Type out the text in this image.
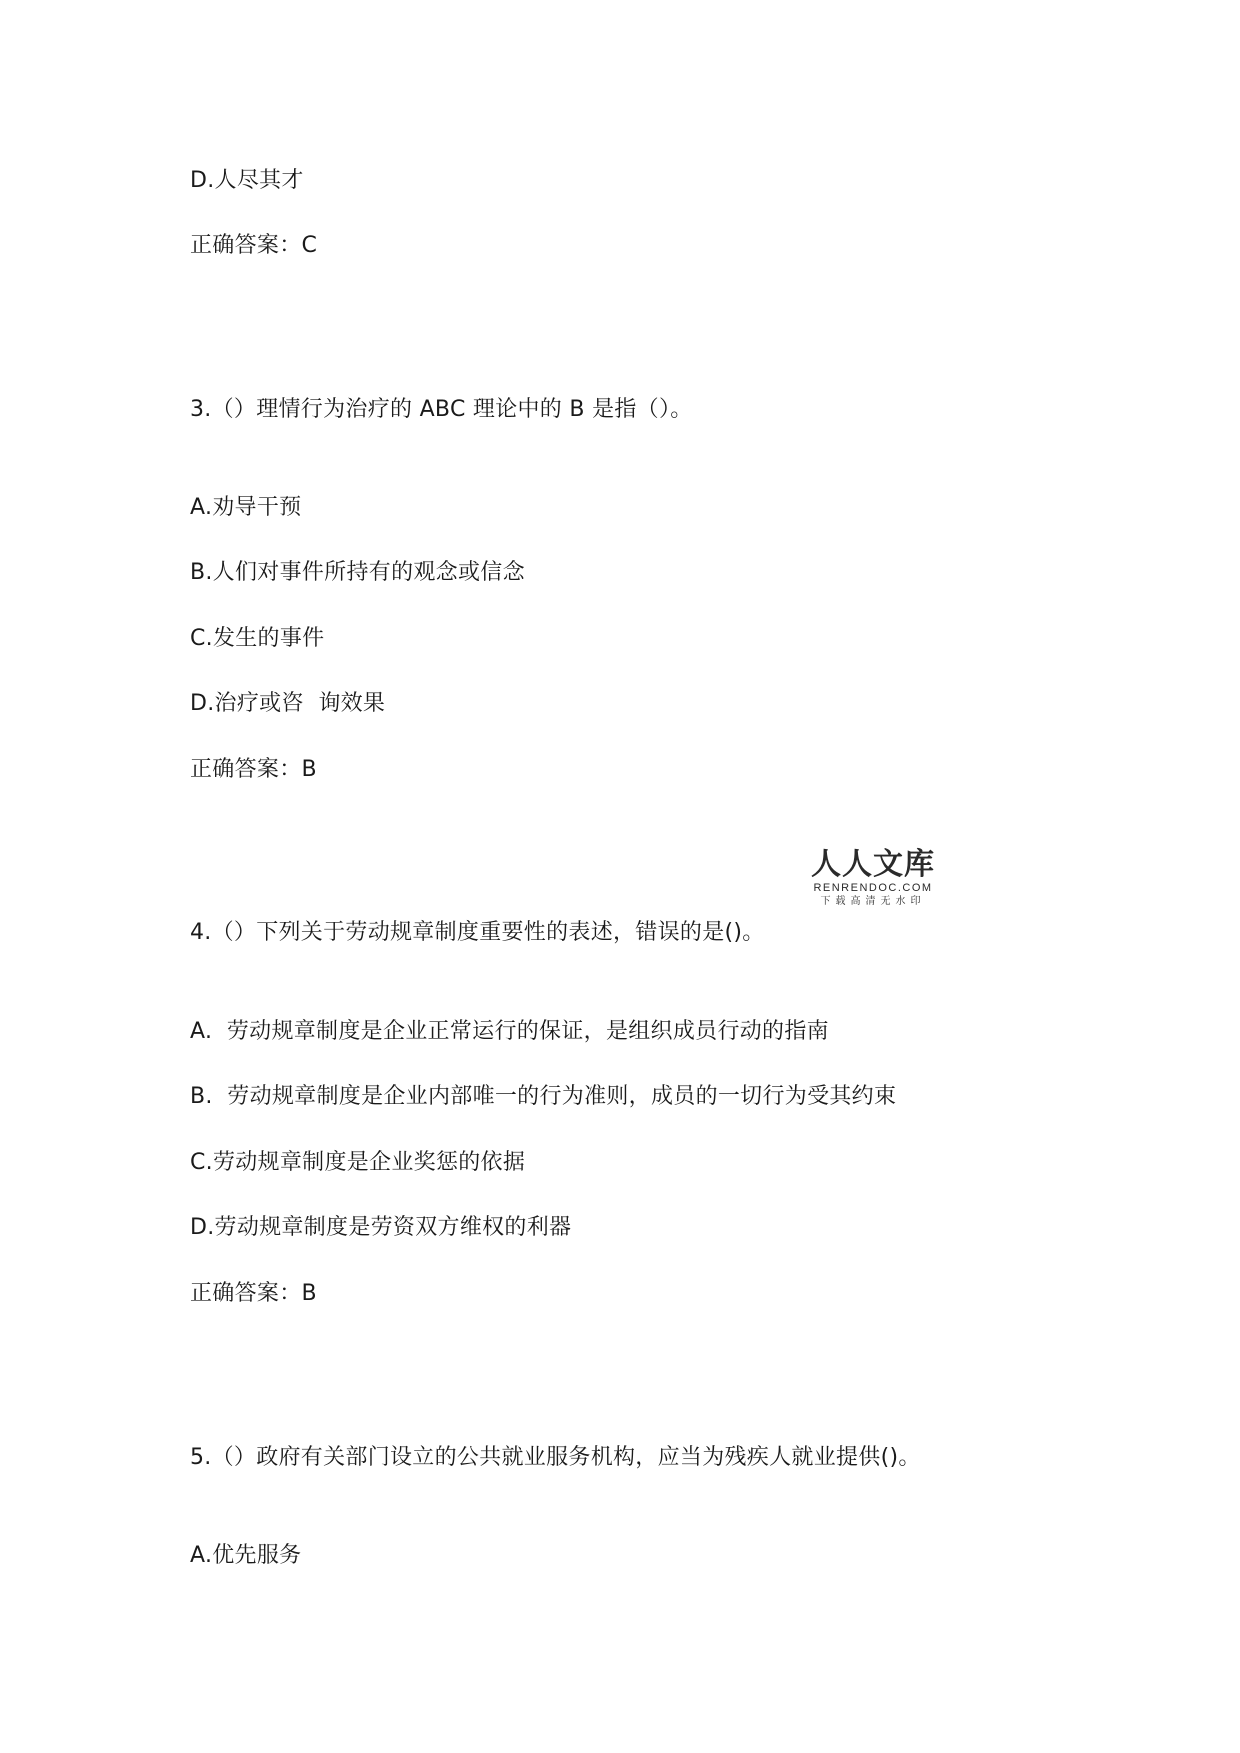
D.人尽其才
正确答案：C
3.（）理情行为治疗的 ABC 理论中的 B 是指（）。
A.劝导干预
B.人们对事件所持有的观念或信念
C.发生的事件
D.治疗或咨  询效果
正确答案：B
人人文库
RENRENDOC.COM
下载高清无水印
4.（）下列关于劳动规章制度重要性的表述，错误的是()。
A.  劳动规章制度是企业正常运行的保证，是组织成员行动的指南
B.  劳动规章制度是企业内部唯一的行为准则，成员的一切行为受其约束
C.劳动规章制度是企业奖惩的依据
D.劳动规章制度是劳资双方维权的利器
正确答案：B
5.（）政府有关部门设立的公共就业服务机构，应当为残疾人就业提供()。
A.优先服务
